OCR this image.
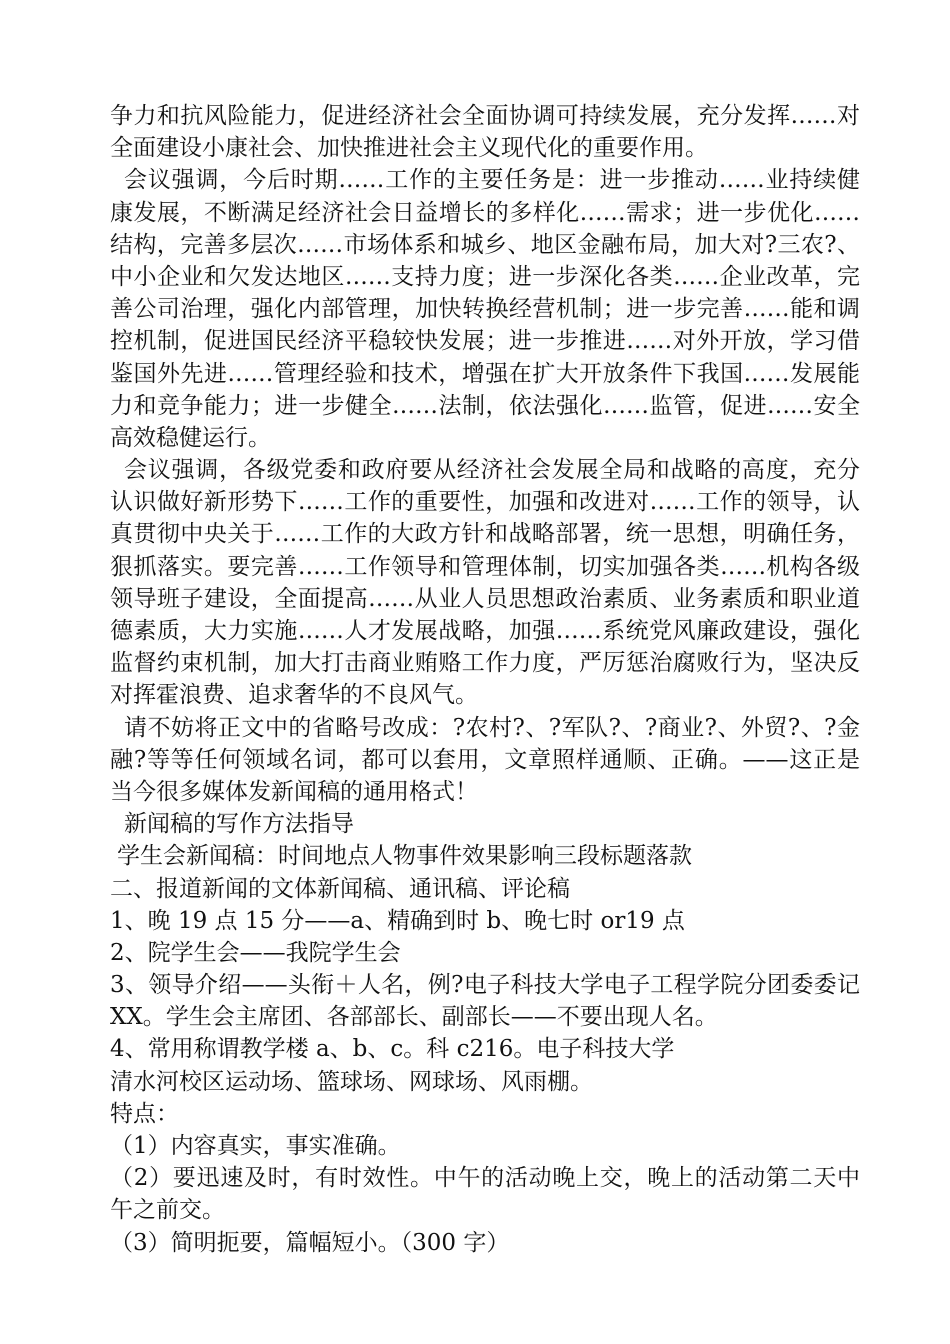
争力和抗风险能力，促进经济社会全面协调可持续发展，充分发挥……对
全面建设小康社会、加快推进社会主义现代化的重要作用。
会议强调，今后时期……工作的主要任务是：进一步推动……业持续健
康发展，不断满足经济社会日益增长的多样化……需求；进一步优化……
结构，完善多层次……市场体系和城乡、地区金融布局，加大对?三农?、
中小企业和欠发达地区……支持力度；进一步深化各类……企业改革，完
善公司治理，强化内部管理，加快转换经营机制；进一步完善……能和调
控机制，促进国民经济平稳较快发展；进一步推进……对外开放，学习借
鉴国外先进……管理经验和技术，增强在扩大开放条件下我国……发展能
力和竞争能力；进一步健全……法制，依法强化……监管，促进……安全
高效稳健运行。
会议强调，各级党委和政府要从经济社会发展全局和战略的高度，充分
认识做好新形势下……工作的重要性，加强和改进对……工作的领导，认
真贯彻中央关于……工作的大政方针和战略部署，统一思想，明确任务，
狠抓落实。要完善……工作领导和管理体制，切实加强各类……机构各级
领导班子建设，全面提高……从业人员思想政治素质、业务素质和职业道
德素质，大力实施……人才发展战略，加强……系统党风廉政建设，强化
监督约束机制，加大打击商业贿赂工作力度，严厉惩治腐败行为，坚决反
对挥霍浪费、追求奢华的不良风气。
请不妨将正文中的省略号改成：?农村?、?军队?、?商业?、外贸?、?金
融?等等任何领域名词，都可以套用，文章照样通顺、正确。——这正是
当今很多媒体发新闻稿的通用格式！
新闻稿的写作方法指导
学生会新闻稿：时间地点人物事件效果影响三段标题落款
二、报道新闻的文体新闻稿、通讯稿、评论稿
1、晚 19 点 15 分——a、精确到时 b、晚七时 or19 点
2、院学生会——我院学生会
3、领导介绍——头衔＋人名，例?电子科技大学电子工程学院分团委委记
XX。学生会主席团、各部部长、副部长——不要出现人名。
4、常用称谓教学楼 a、b、c。科 c216。电子科技大学
清水河校区运动场、篮球场、网球场、风雨棚。
特点：
（1）内容真实，事实准确。
（2）要迅速及时，有时效性。中午的活动晚上交，晚上的活动第二天中
午之前交。
（3）简明扼要，篇幅短小。（300 字）
